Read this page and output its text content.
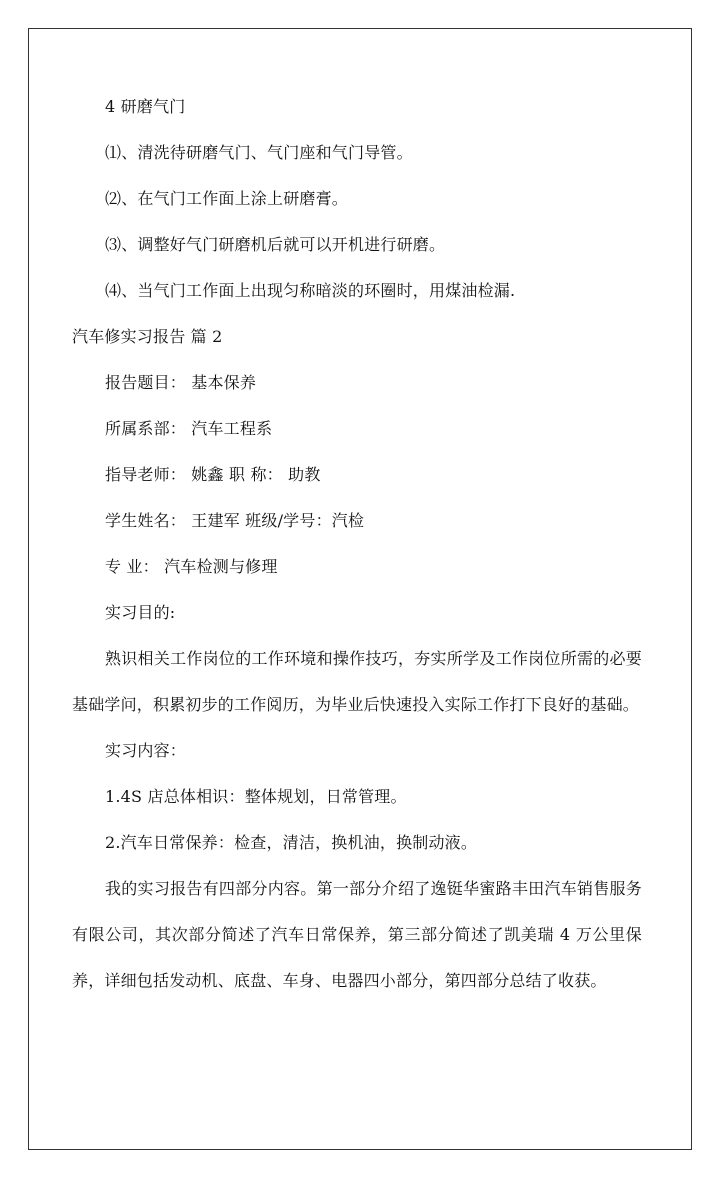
4 研磨气门

⑴、清洗待研磨气门、气门座和气门导管。

⑵、在气门工作面上涂上研磨膏。

⑶、调整好气门研磨机后就可以开机进行研磨。

⑷、当气门工作面上出现匀称暗淡的环圈时，用煤油检漏.

汽车修实习报告 篇 2

报告题目： 基本保养

所属系部： 汽车工程系

指导老师： 姚鑫 职 称： 助教

学生姓名： 王建军 班级/学号：汽检

专 业： 汽车检测与修理

实习目的:

熟识相关工作岗位的工作环境和操作技巧，夯实所学及工作岗位所需的必要基础学问，积累初步的工作阅历，为毕业后快速投入实际工作打下良好的基础。

实习内容：

1.4S 店总体相识：整体规划，日常管理。

2.汽车日常保养：检查，清洁，换机油，换制动液。

我的实习报告有四部分内容。第一部分介绍了逸铤华蜜路丰田汽车销售服务有限公司，其次部分简述了汽车日常保养，第三部分简述了凯美瑞 4 万公里保养，详细包括发动机、底盘、车身、电器四小部分，第四部分总结了收获。
